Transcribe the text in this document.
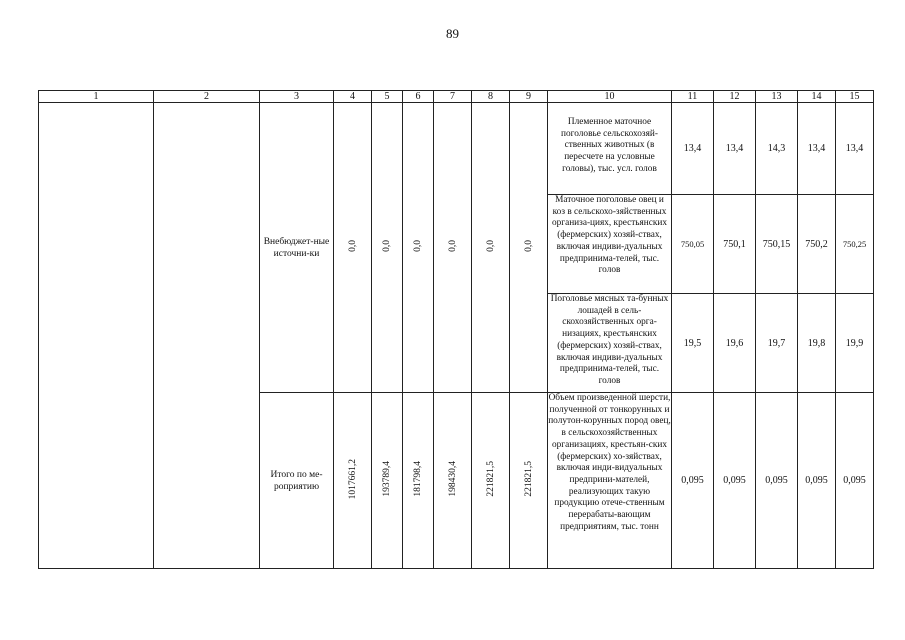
89
1	2	3	4	5	6	7	8	9	10	11	12	13	14	15
		Внебюджет-ные источни-ки	0,0	0,0	0,0	0,0	0,0	0,0	Племенное маточное поголовье сельскохозяй-ственных животных (в пересчете на условные головы), тыс. усл. голов	13,4	13,4	14,3	13,4	13,4
									Маточное поголовье овец и коз в сельскохо-зяйственных организа-циях, крестьянских (фермерских) хозяй-ствах, включая индиви-дуальных предпринима-телей, тыс. голов	750,05	750,1	750,15	750,2	750,25
									Поголовье мясных та-бунных лошадей в сель-скохозяйственных орга-низациях, крестьянских (фермерских) хозяй-ствах, включая индиви-дуальных предпринима-телей, тыс. голов	19,5	19,6	19,7	19,8	19,9
		Итого по ме-роприятию	1017661,2	193789,4	181798,4	198430,4	221821,5	221821,5	Объем произведенной шерсти, полученной от тонкорунных и полутон-корунных пород овец, в сельскохозяйственных организациях, крестьян-ских (фермерских) хо-зяйствах, включая инди-видуальных предприни-мателей, реализующих такую продукцию отече-ственным перерабаты-вающим предприятиям, тыс. тонн	0,095	0,095	0,095	0,095	0,095
